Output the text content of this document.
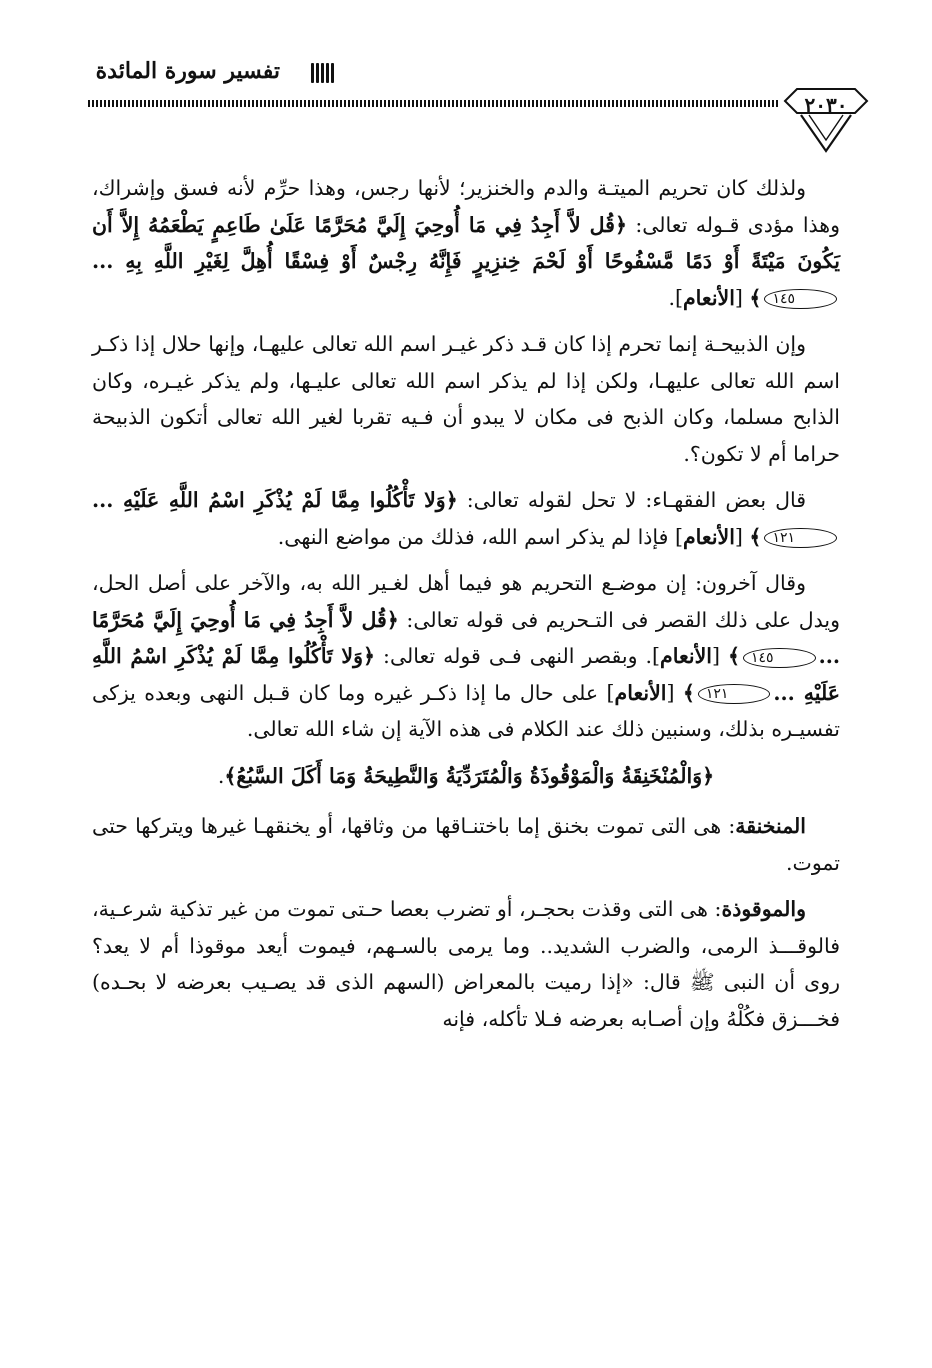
تفسير سورة المائدة
٢٠٣٠

ولذلك كان تحريم الميتـة والدم والخنزير؛ لأنها رجس، وهذا حرِّم لأنه فسق وإشراك، وهذا مؤدى قـوله تعالى: ﴿قُل لاَّ أَجِدُ فِي مَا أُوحِيَ إِلَيَّ مُحَرَّمًا عَلَىٰ طَاعِمٍ يَطْعَمُهُ إِلاَّ أَن يَكُونَ مَيْتَةً أَوْ دَمًا مَّسْفُوحًا أَوْ لَحْمَ خِنزِيرٍ فَإِنَّهُ رِجْسٌ أَوْ فِسْقًا أُهِلَّ لِغَيْرِ اللَّهِ بِهِ ...١٤٥﴾ [الأنعام].

وإن الذبيحـة إنما تحرم إذا كان قـد ذكر غيـر اسم الله تعالى عليهـا، وإنها حلال إذا ذكـر اسم الله تعالى عليهـا، ولكن إذا لم يذكر اسم الله تعالى عليـها، ولم يذكر غيـره، وكان الذابح مسلما، وكان الذبح فى مكان لا يبدو أن فـيه تقربا لغير الله تعالى أتكون الذبيحة حراما أم لا تكون؟.

قال بعض الفقهـاء: لا تحل لقوله تعالى: ﴿وَلا تَأْكُلُوا مِمَّا لَمْ يُذْكَرِ اسْمُ اللَّهِ عَلَيْهِ ...١٢١﴾ [الأنعام] فإذا لم يذكر اسم الله، فذلك من مواضع النهى.

وقال آخرون: إن موضـع التحريم هو فيما أهل لغـير الله به، والآخر على أصل الحل، ويدل على ذلك القصر فى التـحريم فى قوله تعالى: ﴿قُل لاَّ أَجِدُ فِي مَا أُوحِيَ إِلَيَّ مُحَرَّمًا ...١٤٥﴾ [الأنعام]. وبقصر النهى فـى قوله تعالى: ﴿وَلا تَأْكُلُوا مِمَّا لَمْ يُذْكَرِ اسْمُ اللَّهِ عَلَيْهِ ...١٢١﴾ [الأنعام] على حال ما إذا ذكـر غيره وما كان قـبل النهى وبعده يزكى تفسيـره بذلك، وسنبين ذلك عند الكلام فى هذه الآية إن شاء الله تعالى.

﴿وَالْمُنْخَنِقَةُ وَالْمَوْقُوذَةُ وَالْمُتَرَدِّيَةُ وَالنَّطِيحَةُ وَمَا أَكَلَ السَّبُعُ﴾.

المنخنقة: هى التى تموت بخنق إما باختنـاقها من وثاقها، أو يخنقهـا غيرها ويتركها حتى تموت.

والموقوذة: هى التى وقذت بحجـر، أو تضرب بعصا حـتى تموت من غير تذكية شرعـية، فالوقـــذ الرمى، والضرب الشديد.. وما يرمى بالسـهم، فيموت أيعد موقوذا أم لا يعد؟ روى أن النبى ﷺ قال: «إذا رميت بالمعراض (السهم الذى قد يصـيب بعرضه لا بحـده) فخـــزق فكُلْهُ وإن أصـابه بعرضه فـلا تأكله، فإنه
